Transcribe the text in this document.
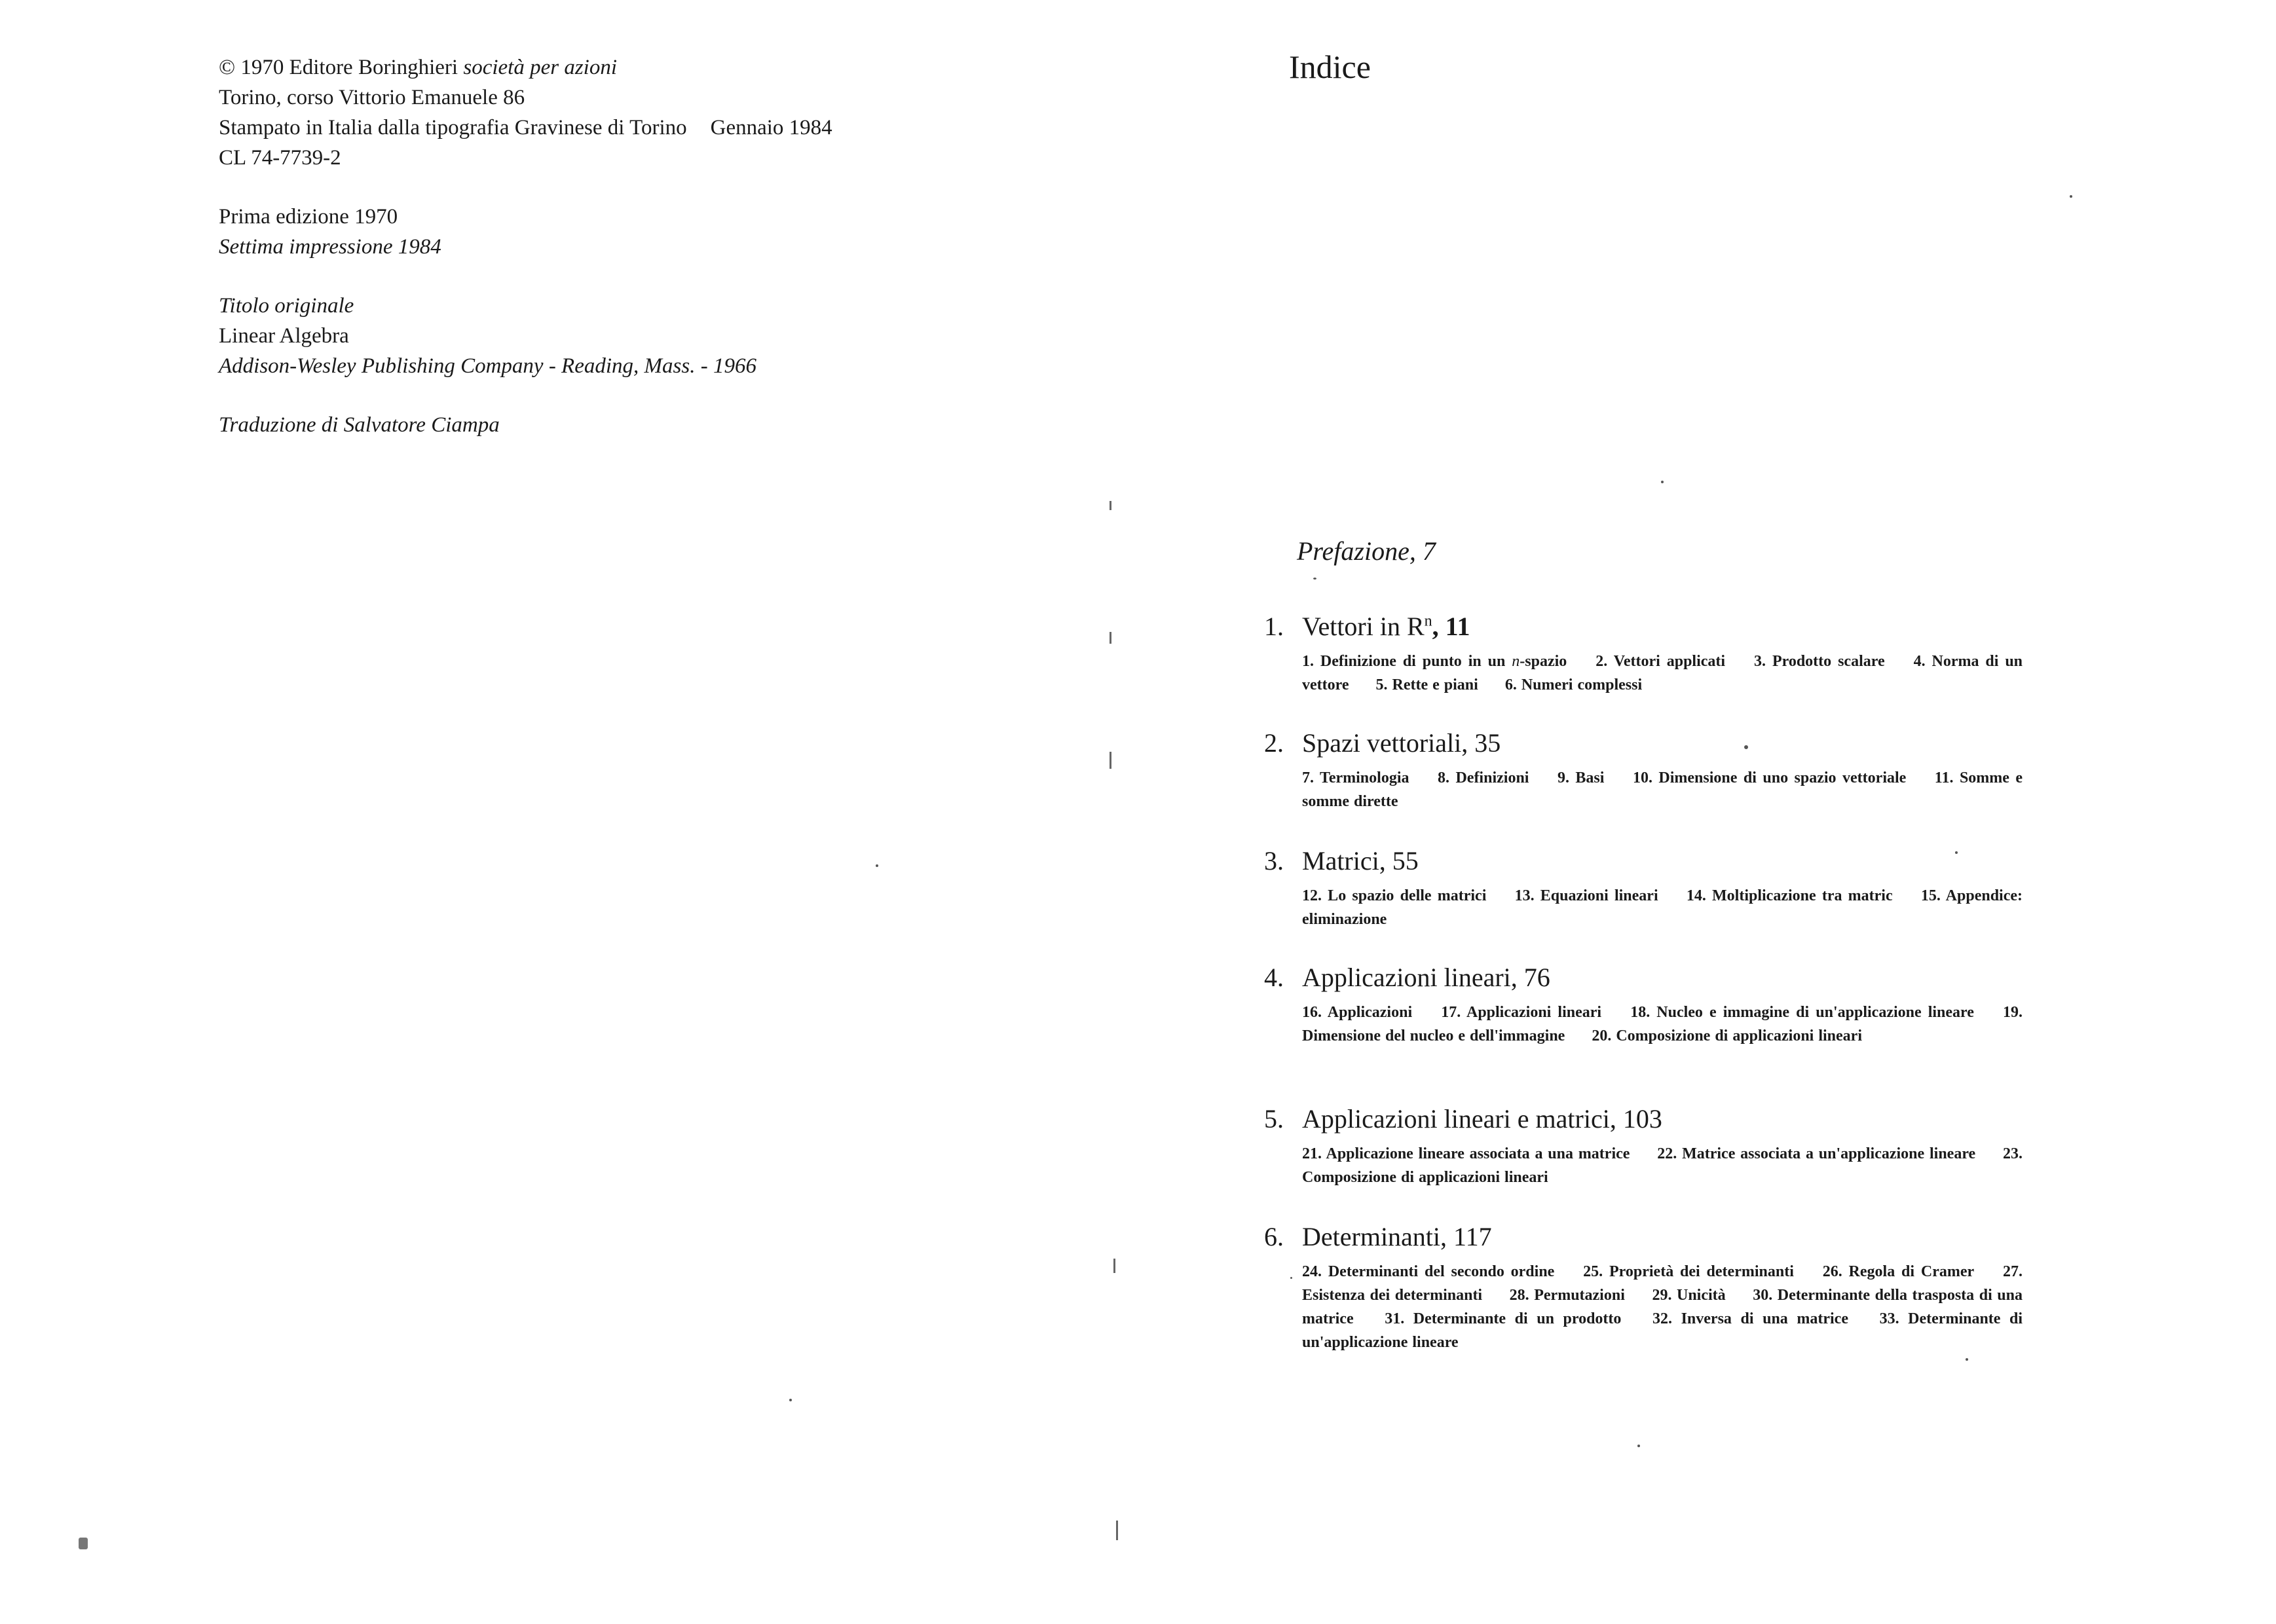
© 1970 Editore Boringhieri società per azioni
Torino, corso Vittorio Emanuele 86
Stampato in Italia dalla tipografia Gravinese di Torino Gennaio 1984
CL 74-7739-2
Prima edizione 1970
Settima impressione 1984
Titolo originale
Linear Algebra
Addison-Wesley Publishing Company - Reading, Mass. - 1966
Traduzione di Salvatore Ciampa
Indice
Prefazione, 7

1. Vettori in $R^n$, 11

1. Definizione di punto in un n-spazio 2. Vettori applicati 3. Prodotto scalare 4. Norma di un vettore 5. Rette e piani 6. Numeri complessi

2. Spazi vettoriali, 35

7. Terminologia 8. Definizioni 9. Basi 10. Dimensione di uno spazio vettoriale 11. Somme e somme dirette

3. Matrici, 55

12. Lo spazio delle matrici 13. Equazioni lineari 14. Moltiplicazione tra matric 15. Appendice: eliminazione

4. Applicazioni lineari, 76

16. Applicazioni 17. Applicazioni lineari 18. Nucleo e immagine di un'applicazione lineare 19. Dimensione del nucleo e dell'immagine 20. Composizione di applicazioni lineari

5. Applicazioni lineari e matrici, 103

21. Applicazione lineare associata a una matrice 22. Matrice associata a un'applicazione lineare 23. Composizione di applicazioni lineari

6. Determinanti, 117

24. Determinanti del secondo ordine 25. Proprietà dei determinanti 26. Regola di Cramer 27. Esistenza dei determinanti 28. Permutazioni 29. Unicità 30. Determinante della trasposta di una matrice 31. Determinante di un prodotto 32. Inversa di una matrice 33. Determinante di un'applicazione lineare
